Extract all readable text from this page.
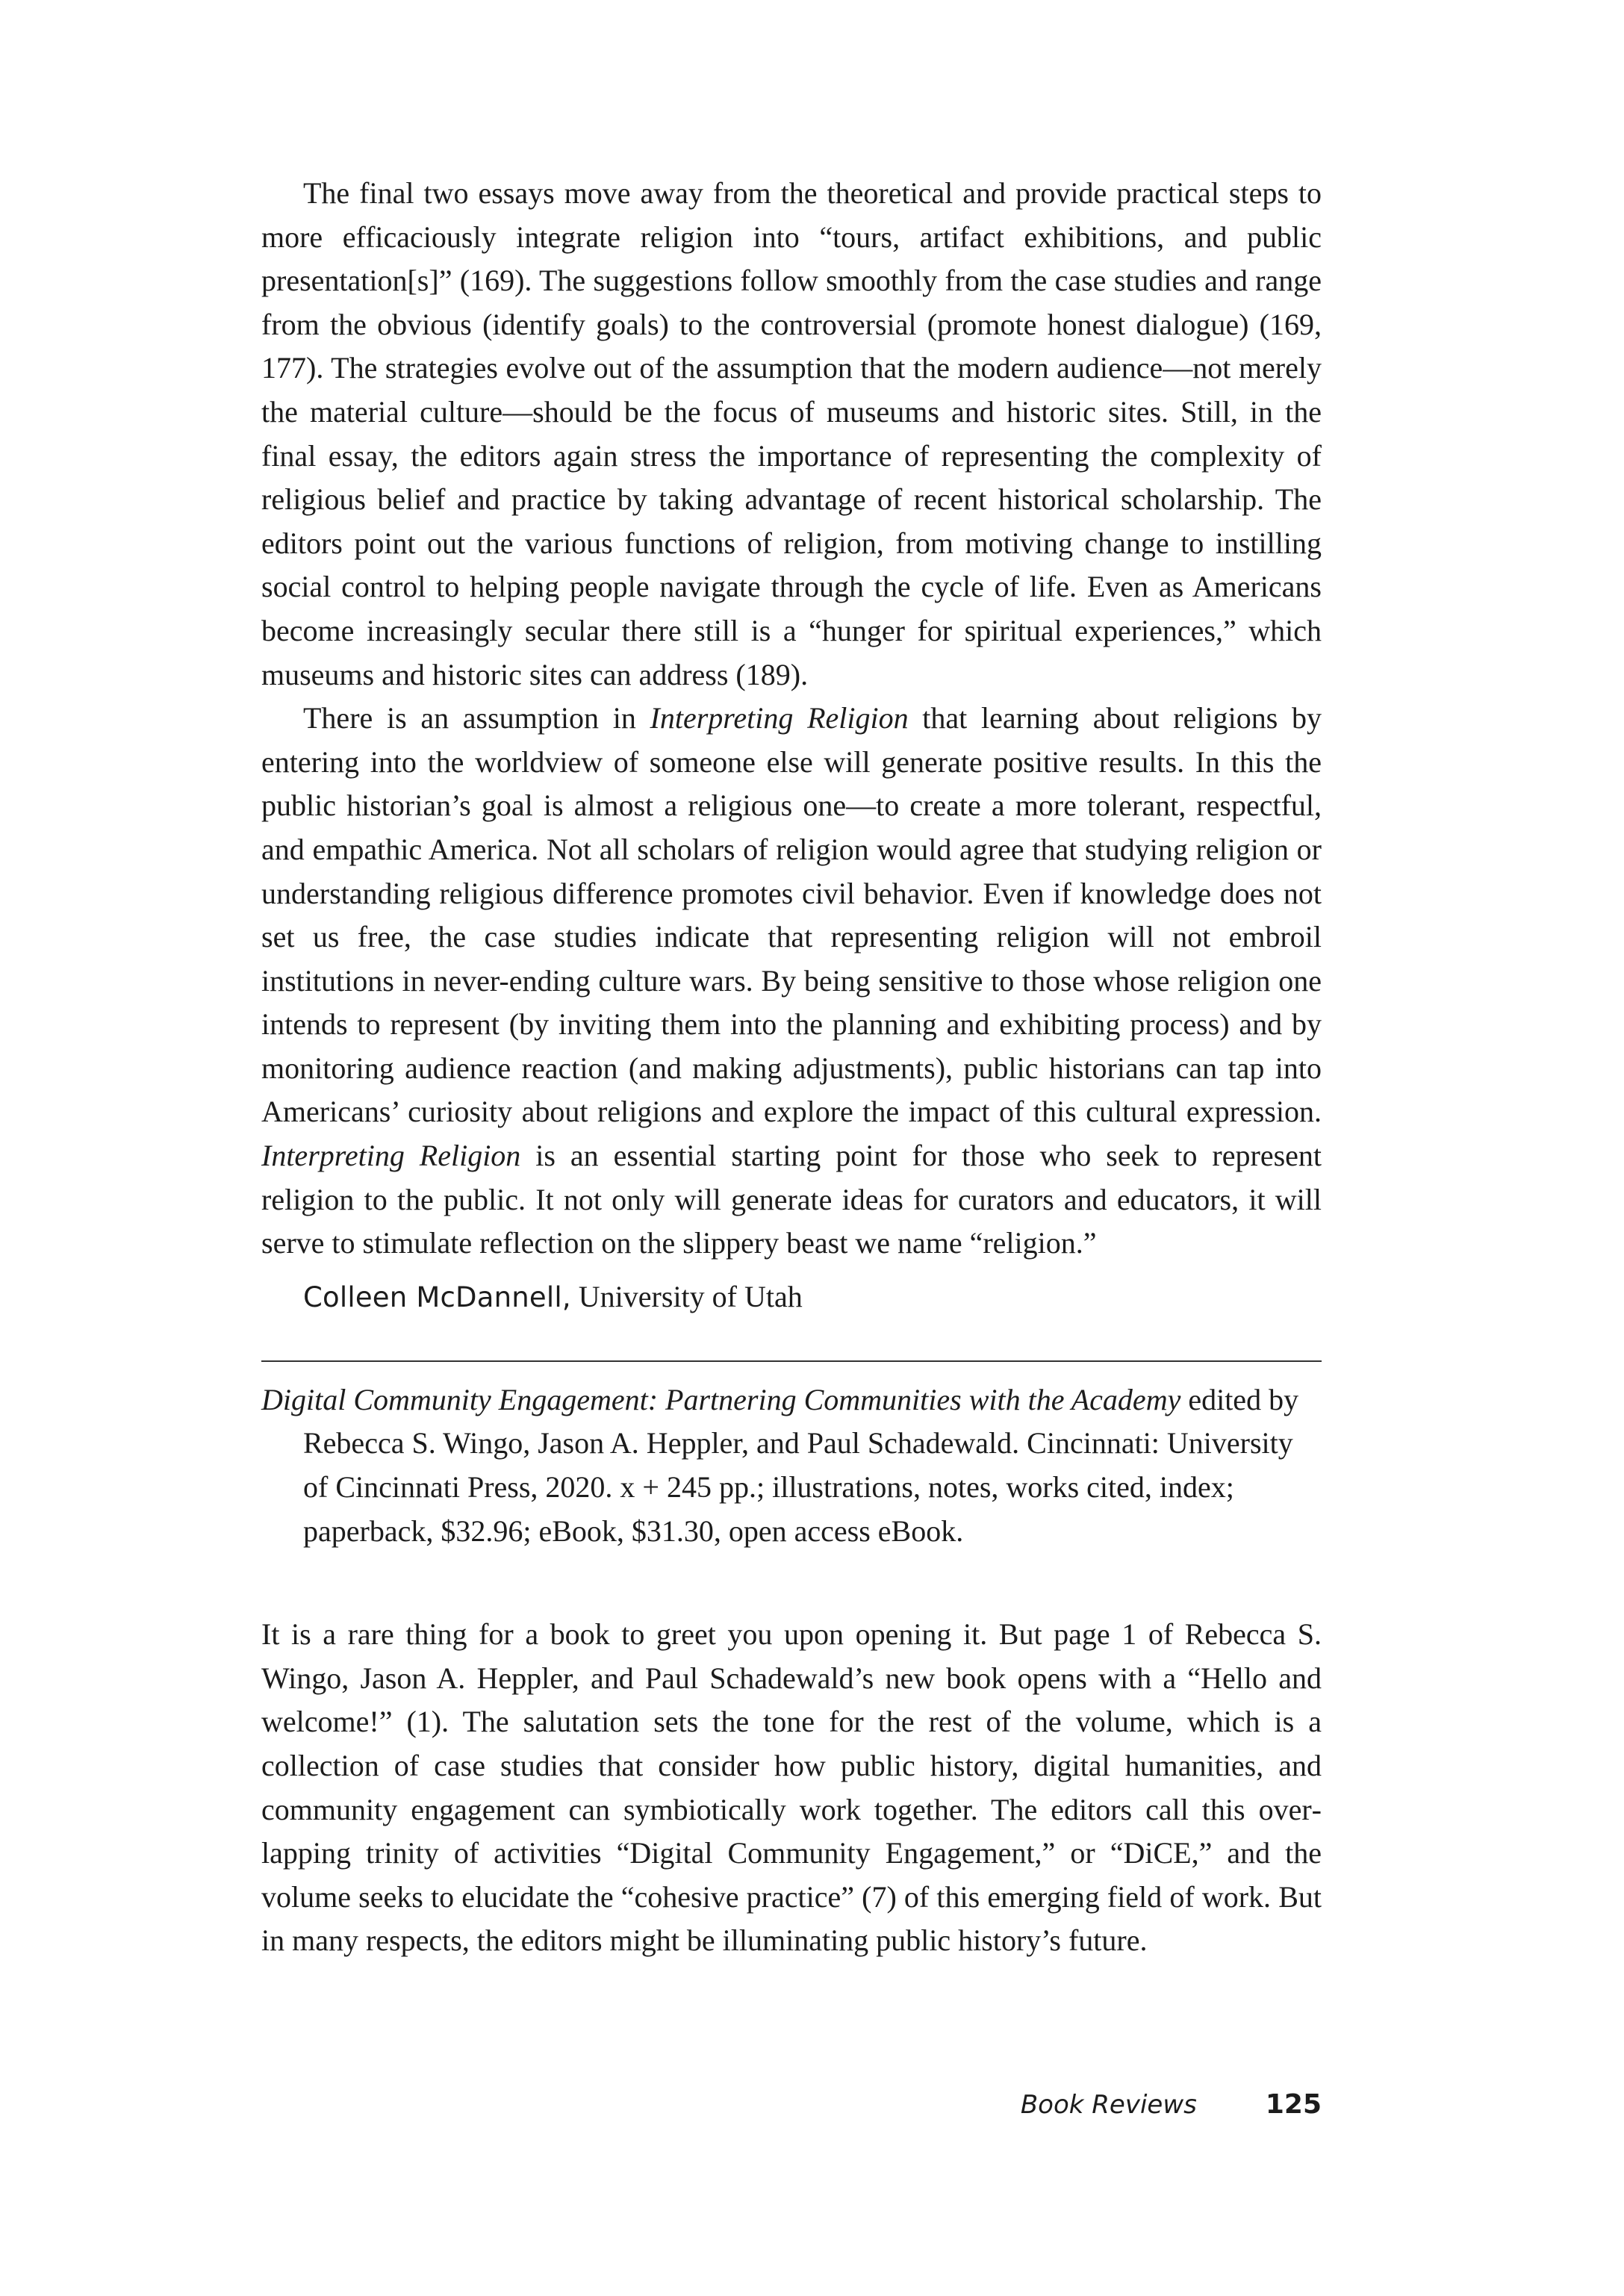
The final two essays move away from the theoretical and provide practical steps to more efficaciously integrate religion into “tours, artifact exhibitions, and public presentation[s]” (169). The suggestions follow smoothly from the case studies and range from the obvious (identify goals) to the controversial (promote honest dialogue) (169, 177). The strategies evolve out of the assumption that the modern audience—not merely the material culture—should be the focus of museums and historic sites. Still, in the final essay, the editors again stress the importance of representing the complexity of religious belief and practice by taking advantage of recent historical scholarship. The editors point out the various functions of religion, from motiving change to instilling social control to helping people navigate through the cycle of life. Even as Americans become increasingly secular there still is a “hunger for spiritual experiences,” which museums and historic sites can address (189).

There is an assumption in Interpreting Religion that learning about religions by entering into the worldview of someone else will generate positive results. In this the public historian’s goal is almost a religious one—to create a more tolerant, respectful, and empathic America. Not all scholars of religion would agree that studying religion or understanding religious difference promotes civil behavior. Even if knowledge does not set us free, the case studies indicate that representing religion will not embroil institutions in never-ending culture wars. By being sensitive to those whose religion one intends to represent (by inviting them into the planning and exhibiting process) and by monitoring audience reaction (and making adjustments), public historians can tap into Americans’ curiosity about religions and explore the impact of this cultural expression. Interpreting Religion is an essential starting point for those who seek to represent religion to the public. It not only will generate ideas for curators and educators, it will serve to stimulate reflection on the slippery beast we name “religion.”

Colleen McDannell, University of Utah

Digital Community Engagement: Partnering Communities with the Academy edited by Rebecca S. Wingo, Jason A. Heppler, and Paul Schadewald. Cincinnati: University of Cincinnati Press, 2020. x + 245 pp.; illustrations, notes, works cited, index; paperback, $32.96; eBook, $31.30, open access eBook.

It is a rare thing for a book to greet you upon opening it. But page 1 of Rebecca S. Wingo, Jason A. Heppler, and Paul Schadewald’s new book opens with a “Hello and welcome!” (1). The salutation sets the tone for the rest of the volume, which is a collection of case studies that consider how public history, digital humanities, and community engagement can symbiotically work together. The editors call this overlapping trinity of activities “Digital Community Engagement,” or “DiCE,” and the volume seeks to elucidate the “cohesive practice” (7) of this emerging field of work. But in many respects, the editors might be illuminating public history’s future.

Book Reviews	125
